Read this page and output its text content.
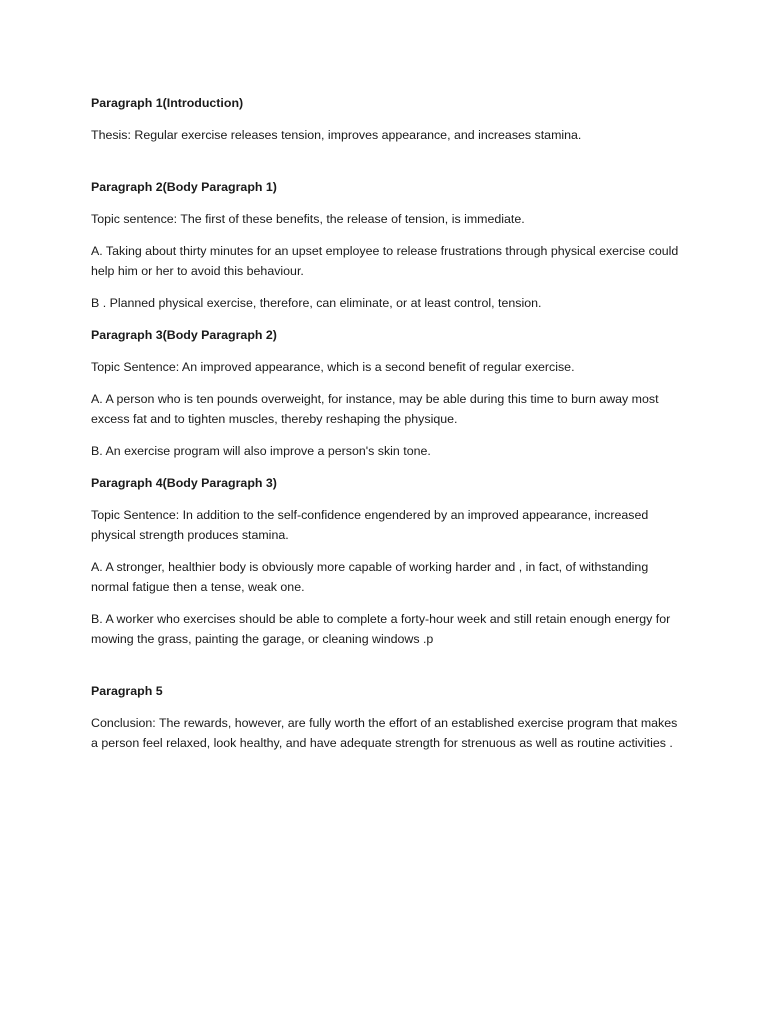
Paragraph 1(Introduction)

Thesis: Regular exercise releases tension, improves appearance, and increases stamina.

Paragraph 2(Body Paragraph 1)

Topic sentence: The first of these benefits, the release of tension, is immediate.

A. Taking about thirty minutes for an upset employee to release frustrations through physical exercise could help him or her to avoid this behaviour.

B . Planned physical exercise, therefore, can eliminate, or at least control, tension.

Paragraph 3(Body Paragraph 2)

Topic Sentence: An improved appearance, which is a second benefit of regular exercise.

A. A person who is ten pounds overweight, for instance, may be able during this time to burn away most excess fat and to tighten muscles, thereby reshaping the physique.

B. An exercise program will also improve a person's skin tone.

Paragraph 4(Body Paragraph 3)

Topic Sentence: In addition to the self-confidence engendered by an improved appearance, increased physical strength produces stamina.

A. A stronger, healthier body is obviously more capable of working harder and , in fact, of withstanding normal fatigue then a tense, weak one.

B. A worker who exercises should be able to complete a forty-hour week and still retain enough energy for mowing the grass, painting the garage, or cleaning windows .p

Paragraph 5

Conclusion: The rewards, however, are fully worth the effort of an established exercise program that makes a person feel relaxed, look healthy, and have adequate strength for strenuous as well as routine activities .
